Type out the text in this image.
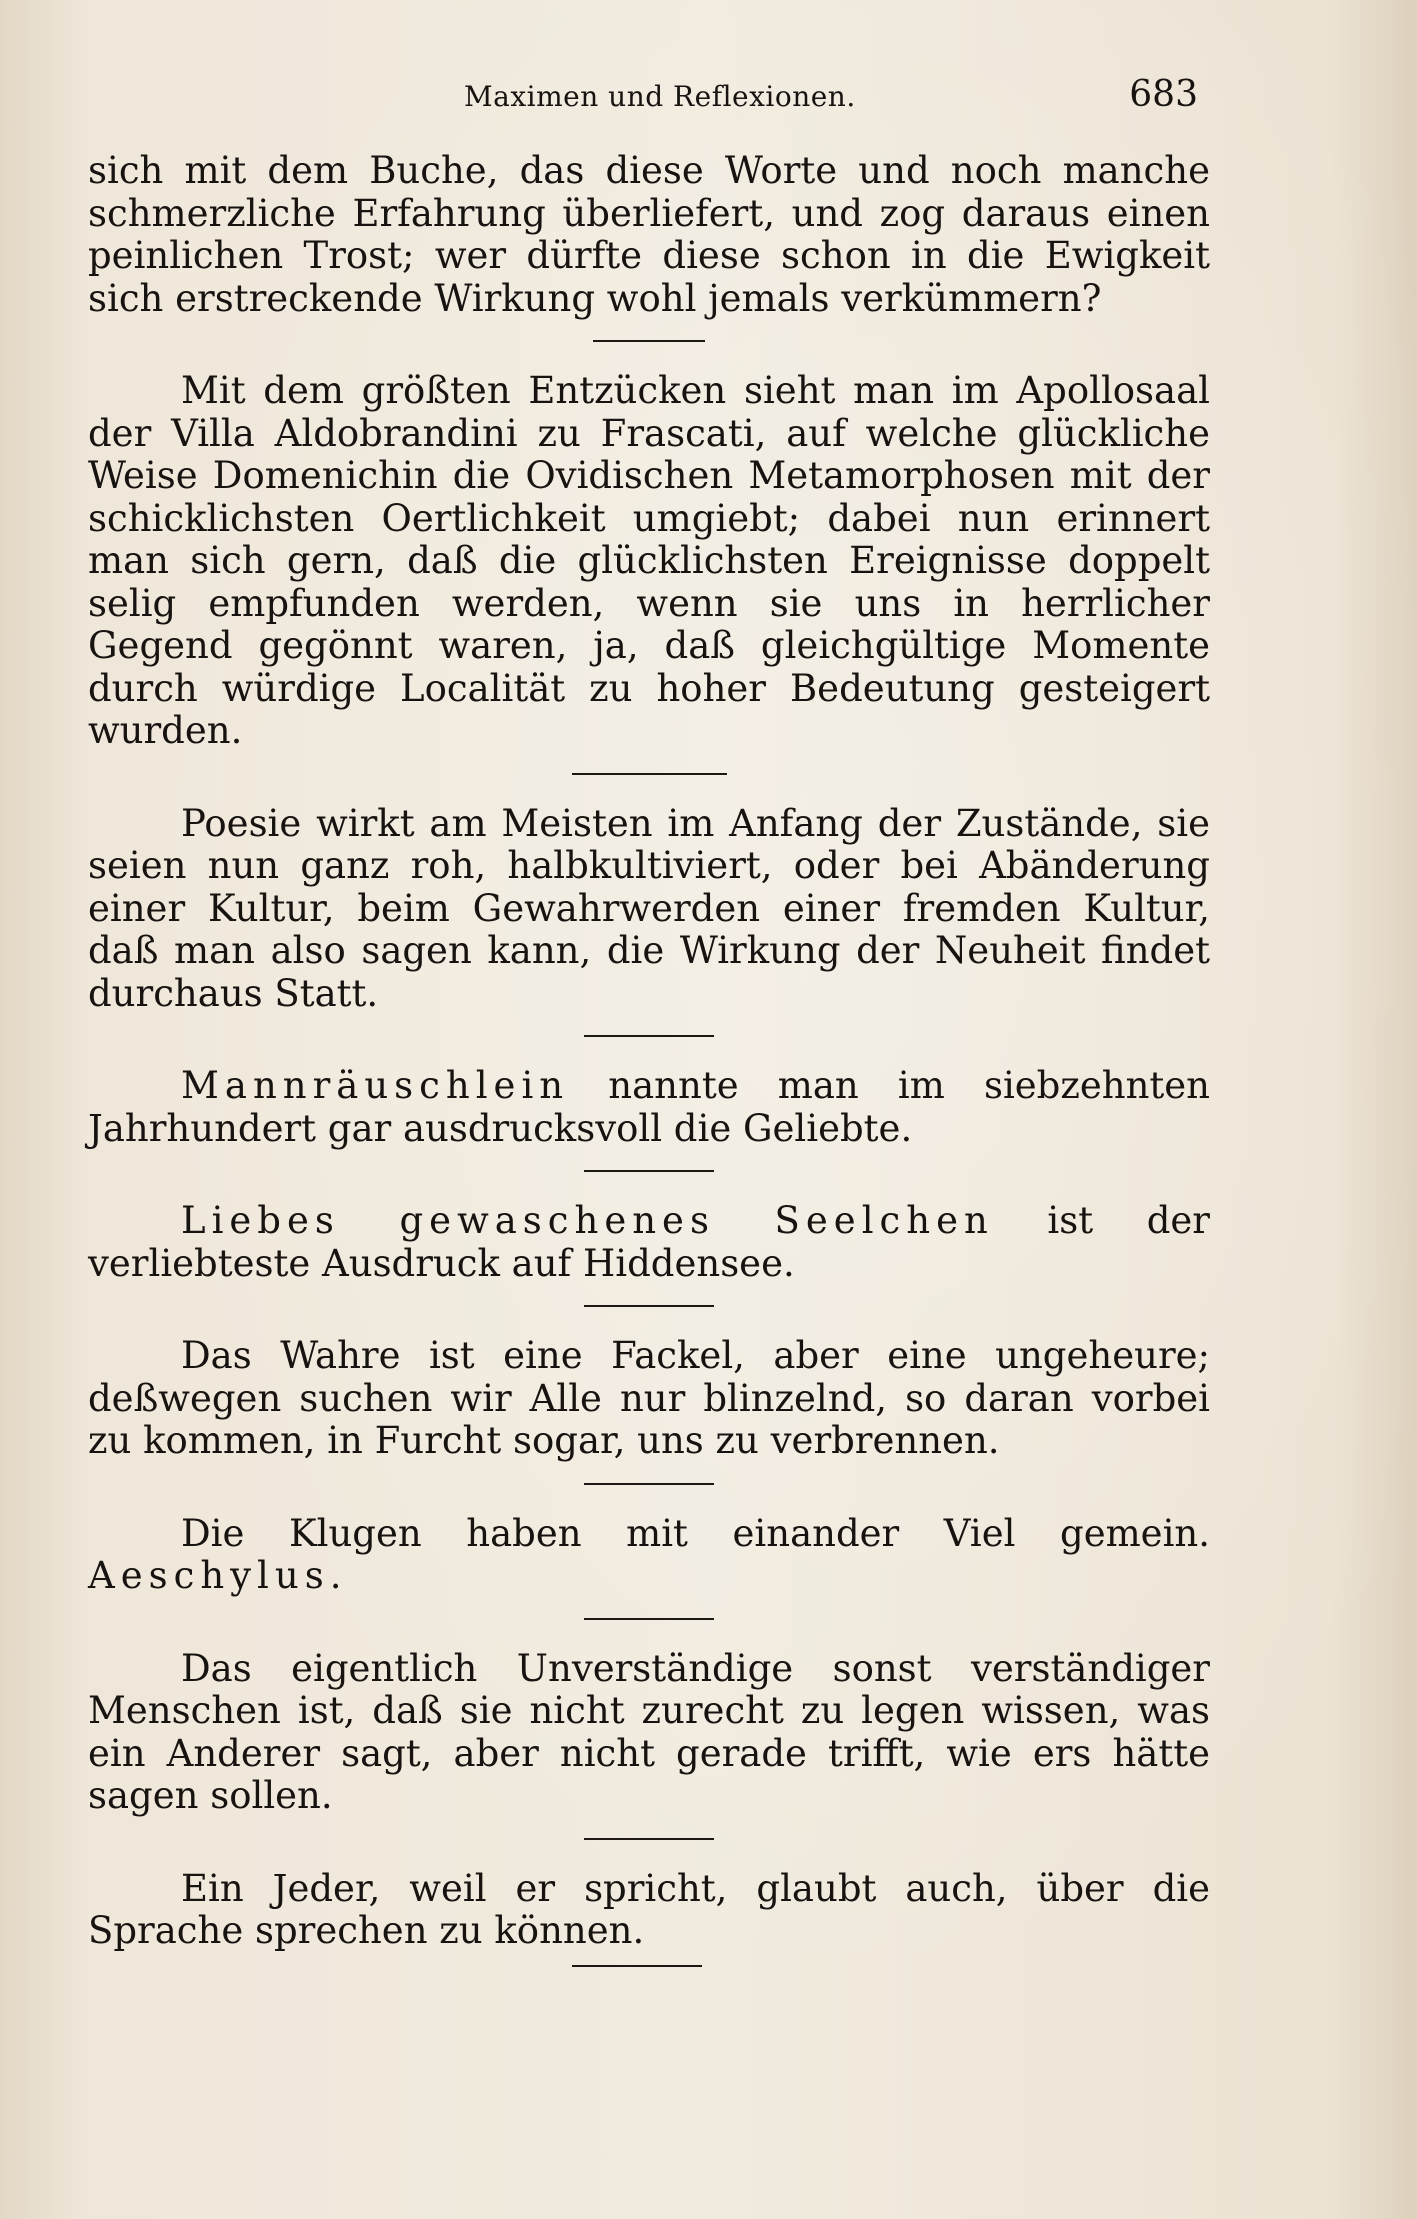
Maximen und Reflexionen.	683

sich mit dem Buche, das diese Worte und noch manche schmerzliche Erfahrung überliefert, und zog daraus einen peinlichen Trost; wer dürfte diese schon in die Ewigkeit sich erstreckende Wirkung wohl jemals verkümmern?

Mit dem größten Entzücken sieht man im Apollosaal der Villa Aldobrandini zu Frascati, auf welche glückliche Weise Domenichin die Ovidischen Metamorphosen mit der schicklichsten Oertlichkeit umgiebt; dabei nun erinnert man sich gern, daß die glücklichsten Ereignisse doppelt selig empfunden werden, wenn sie uns in herrlicher Gegend gegönnt waren, ja, daß gleichgültige Momente durch würdige Localität zu hoher Bedeutung gesteigert wurden.

Poesie wirkt am Meisten im Anfang der Zustände, sie seien nun ganz roh, halbkultiviert, oder bei Abänderung einer Kultur, beim Gewahrwerden einer fremden Kultur, daß man also sagen kann, die Wirkung der Neuheit findet durchaus Statt.

Mannräuschlein nannte man im siebzehnten Jahrhundert gar ausdrucksvoll die Geliebte.

Liebes gewaschenes Seelchen ist der verliebteste Ausdruck auf Hiddensee.

Das Wahre ist eine Fackel, aber eine ungeheure; deßwegen suchen wir Alle nur blinzelnd, so daran vorbei zu kommen, in Furcht sogar, uns zu verbrennen.

Die Klugen haben mit einander Viel gemein. Aeschylus.

Das eigentlich Unverständige sonst verständiger Menschen ist, daß sie nicht zurecht zu legen wissen, was ein Anderer sagt, aber nicht gerade trifft, wie ers hätte sagen sollen.

Ein Jeder, weil er spricht, glaubt auch, über die Sprache sprechen zu können.
